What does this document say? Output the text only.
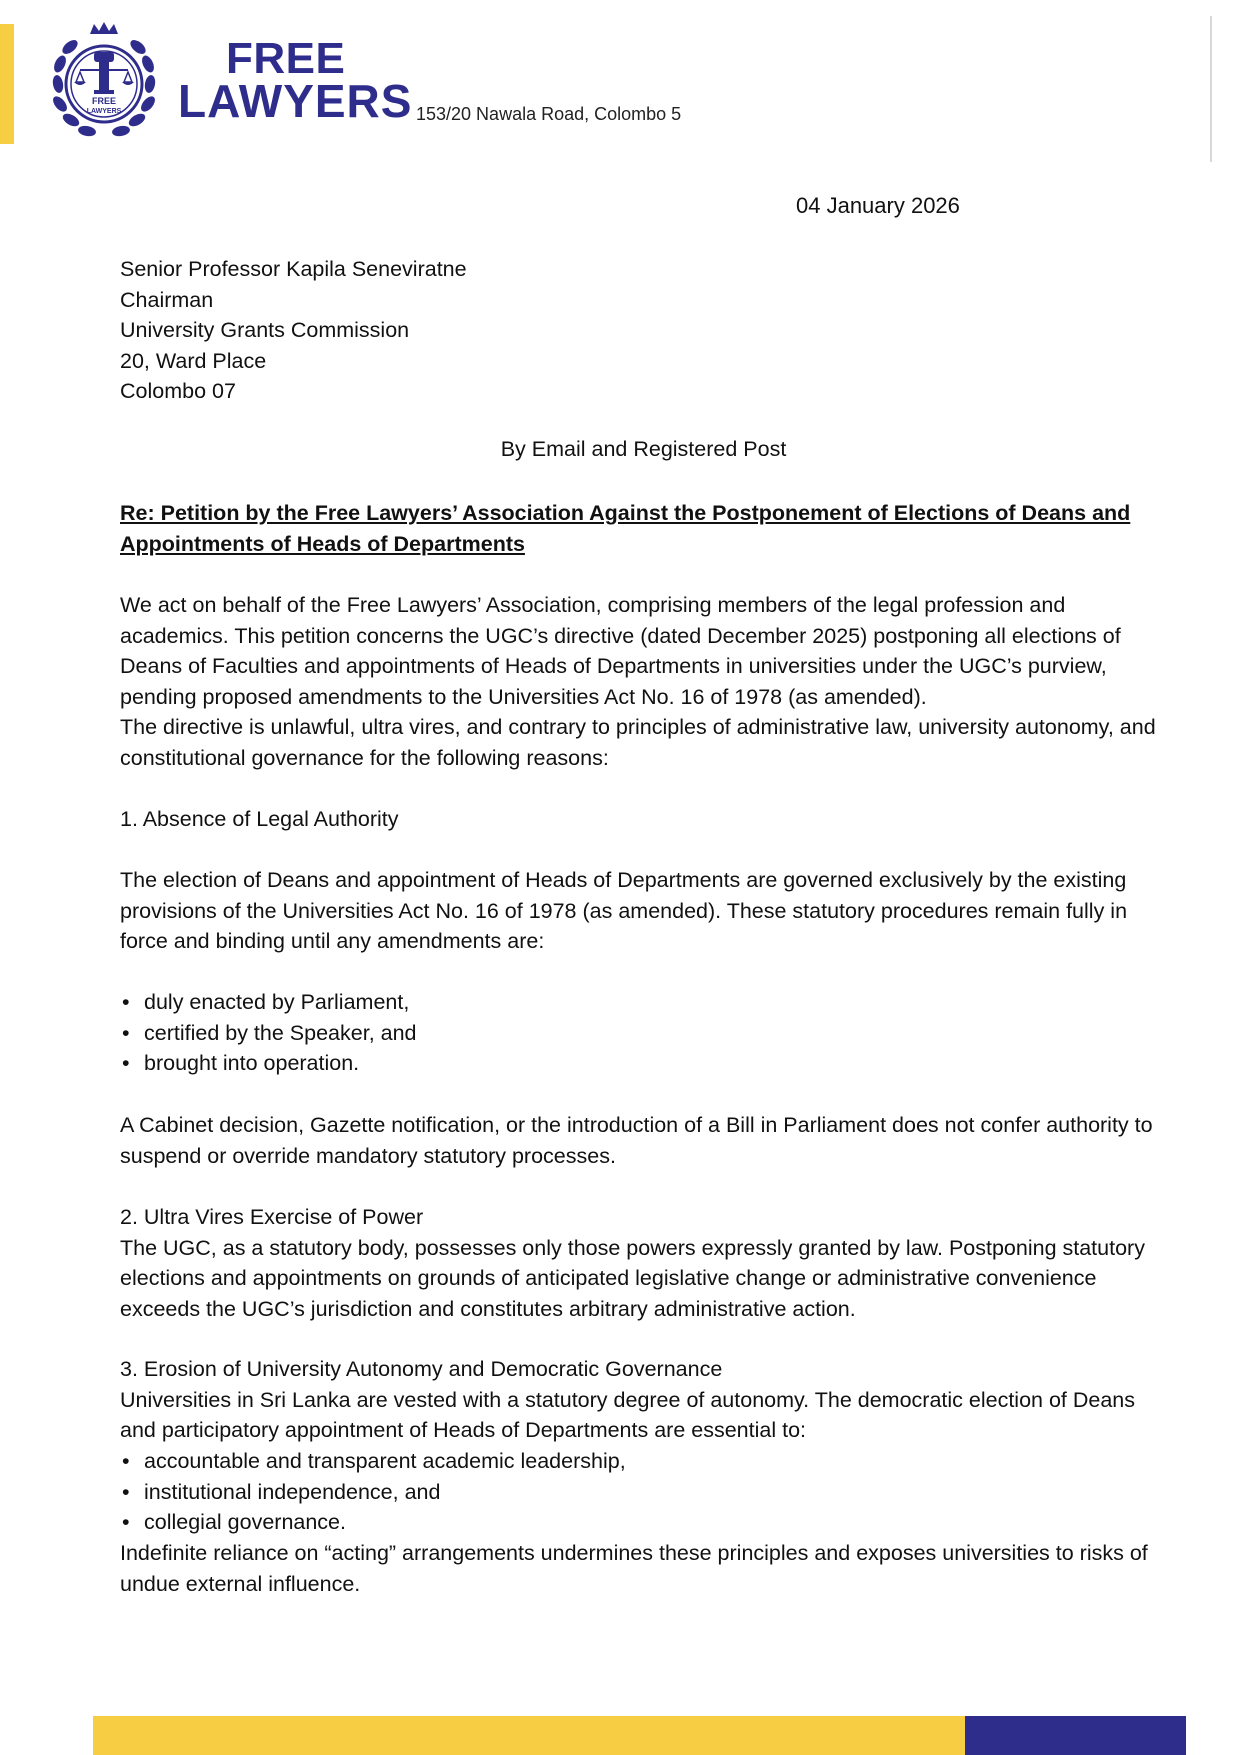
FREE
LAWYERS
FREE
LAWYERS 153/20 Nawala Road, Colombo 5
04 January 2026
Senior Professor Kapila Seneviratne
Chairman
University Grants Commission
20, Ward Place
Colombo 07
By Email and Registered Post
Re: Petition by the Free Lawyers’ Association Against the Postponement of Elections of Deans and Appointments of Heads of Departments
We act on behalf of the Free Lawyers’ Association, comprising members of the legal profession and academics. This petition concerns the UGC’s directive (dated December 2025) postponing all elections of Deans of Faculties and appointments of Heads of Departments in universities under the UGC’s purview, pending proposed amendments to the Universities Act No. 16 of 1978 (as amended).
The directive is unlawful, ultra vires, and contrary to principles of administrative law, university autonomy, and constitutional governance for the following reasons:
1. Absence of Legal Authority
The election of Deans and appointment of Heads of Departments are governed exclusively by the existing provisions of the Universities Act No. 16 of 1978 (as amended). These statutory procedures remain fully in force and binding until any amendments are:
• duly enacted by Parliament,
• certified by the Speaker, and
• brought into operation.
A Cabinet decision, Gazette notification, or the introduction of a Bill in Parliament does not confer authority to suspend or override mandatory statutory processes.
2. Ultra Vires Exercise of Power
The UGC, as a statutory body, possesses only those powers expressly granted by law. Postponing statutory elections and appointments on grounds of anticipated legislative change or administrative convenience exceeds the UGC’s jurisdiction and constitutes arbitrary administrative action.
3. Erosion of University Autonomy and Democratic Governance
Universities in Sri Lanka are vested with a statutory degree of autonomy. The democratic election of Deans and participatory appointment of Heads of Departments are essential to:
• accountable and transparent academic leadership,
• institutional independence, and
• collegial governance.
Indefinite reliance on “acting” arrangements undermines these principles and exposes universities to risks of undue external influence.
